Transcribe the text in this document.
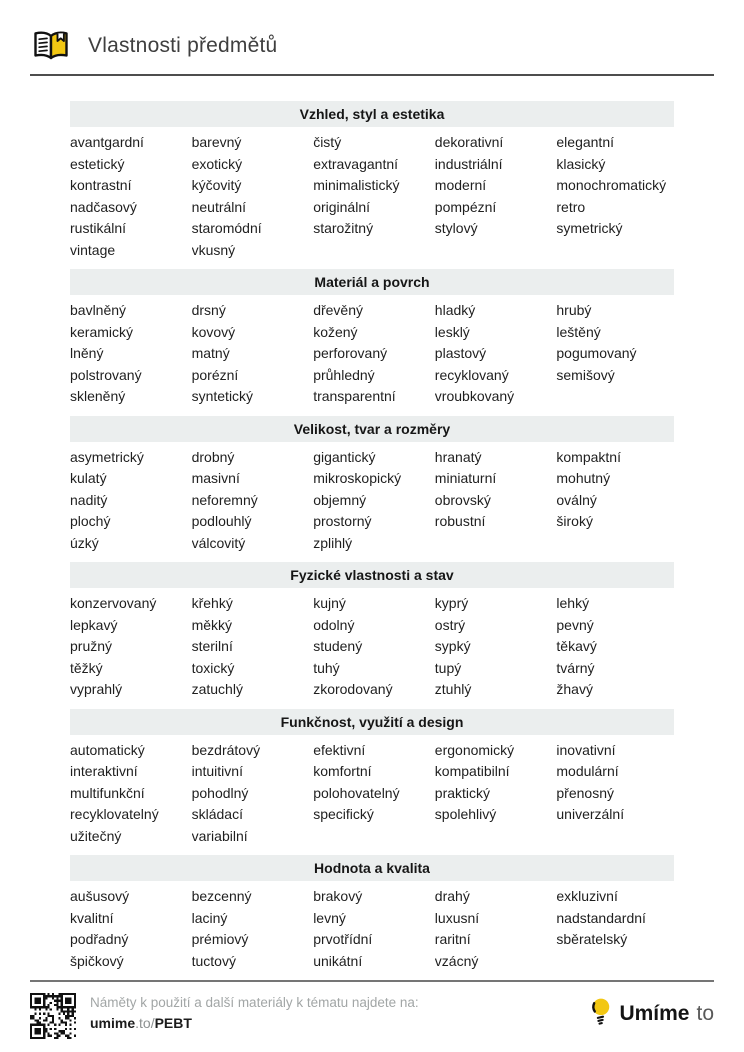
Vlastnosti předmětů
Vzhled, styl a estetika
avantgardní	barevný	čistý	dekorativní	elegantní
estetický	exotický	extravagantní	industriální	klasický
kontrastní	kýčovitý	minimalistický	moderní	monochromatický
nadčasový	neutrální	originální	pompézní	retro
rustikální	staromódní	starožitný	stylový	symetrický
vintage	vkusný
Materiál a povrch
bavlněný	drsný	dřevěný	hladký	hrubý
keramický	kovový	kožený	lesklý	leštěný
lněný	matný	perforovaný	plastový	pogumovaný
polstrovaný	porézní	průhledný	recyklovaný	semišový
skleněný	syntetický	transparentní	vroubkovaný
Velikost, tvar a rozměry
asymetrický	drobný	gigantický	hranatý	kompaktní
kulatý	masivní	mikroskopický	miniaturní	mohutný
naditý	neforemný	objemný	obrovský	oválný
plochý	podlouhlý	prostorný	robustní	široký
úzký	válcovitý	zplihlý
Fyzické vlastnosti a stav
konzervovaný	křehký	kujný	kyprý	lehký
lepkavý	měkký	odolný	ostrý	pevný
pružný	sterilní	studený	sypký	těkavý
těžký	toxický	tuhý	tupý	tvárný
vyprahlý	zatuchlý	zkorodovaný	ztuhlý	žhavý
Funkčnost, využití a design
automatický	bezdrátový	efektivní	ergonomický	inovativní
interaktivní	intuitivní	komfortní	kompatibilní	modulární
multifunkční	pohodlný	polohovatelný	praktický	přenosný
recyklovatelný	skládací	specifický	spolehlivý	univerzální
užitečný	variabilní
Hodnota a kvalita
aušusový	bezcenný	brakový	drahý	exkluzivní
kvalitní	laciný	levný	luxusní	nadstandardní
podřadný	prémiový	prvotřídní	raritní	sběratelský
špičkový	tuctový	unikátní	vzácný
Náměty k použití a další materiály k tématu najdete na:
umime.to/PEBT	Umíme to
